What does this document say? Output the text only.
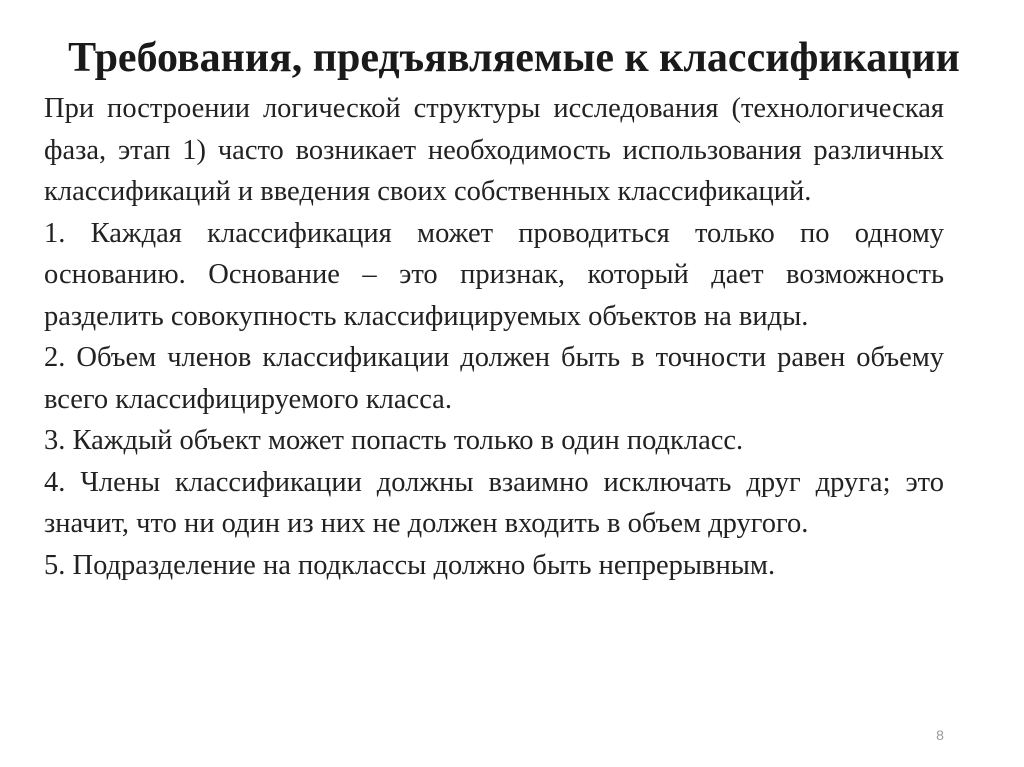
Требования, предъявляемые к классификации

При построении логической структуры исследования (технологическая фаза, этап 1) часто возникает необходимость использования различных классификаций и введения своих собственных классификаций.

1. Каждая классификация может проводиться только по одному основанию. Основание – это признак, который дает возможность разделить совокупность классифицируемых объектов на виды.

2. Объем членов классификации должен быть в точности равен объему всего классифицируемого класса.

3. Каждый объект может попасть только в один подкласс.

4. Члены классификации должны взаимно исключать друг друга; это значит, что ни один из них не должен входить в объем другого.

5. Подразделение на подклассы должно быть непрерывным.

8
